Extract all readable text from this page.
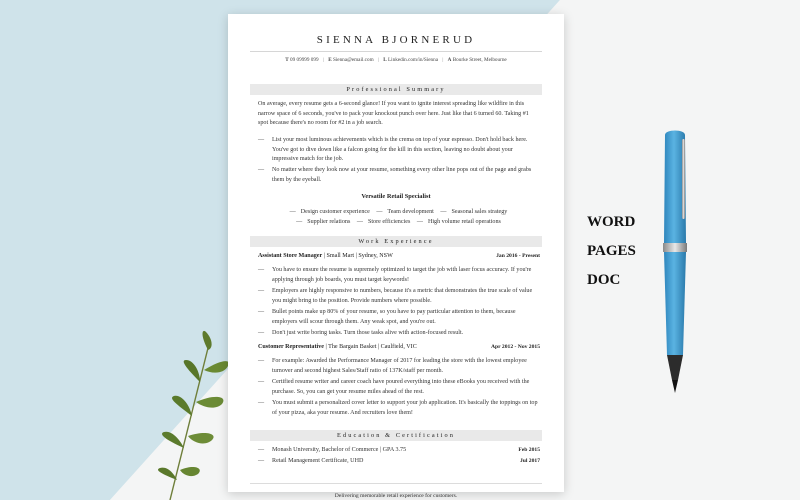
WORD
PAGES
DOC
SIENNA BJORNERUD
T 09 09999 099 | E Sienna@email.com | L Linkedin.com/in/Sienna | A Bourke Street, Melbourne
Professional Summary
On average, every resume gets a 6-second glance! If you want to ignite interest spreading like wildfire in this narrow space of 6 seconds, you've to pack your knockout punch over here. Just like that 6 turned 60. Taking #1 spot because there's no room for #2 in a job search.
— List your most luminous achievements which is the crema on top of your espresso. Don't hold back here. You've got to dive down like a falcon going for the kill in this section, leaving no doubt about your impressive match for the job.
— No matter where they look now at your resume, something every other line pops out of the page and grabs them by the eyeball.
Versatile Retail Specialist
— Design customer experience — Team development — Seasonal sales strategy
— Supplier relations — Store efficiencies — High volume retail operations
Work Experience
Assistant Store Manager | Small Mart | Sydney, NSW	Jan 2016 - Present
— You have to ensure the resume is supremely optimized to target the job with laser focus accuracy. If you're applying through job boards, you must target keywords!
— Employers are highly responsive to numbers, because it's a metric that demonstrates the true scale of value you might bring to the position. Provide numbers where possible.
— Bullet points make up 80% of your resume, so you have to pay particular attention to them, because employers will scour through them. Any weak spot, and you're out.
— Don't just write boring tasks. Turn those tasks alive with action-focused result.
Customer Representative | The Bargain Basket | Caulfield, VIC	Apr 2012 - Nov 2015
— For example: Awarded the Performance Manager of 2017 for leading the store with the lowest employee turnover and second highest Sales/Staff ratio of 137K/staff per month.
— Certified resume writer and career coach have poured everything into these eBooks you received with the purchase. So, you can get your resume miles ahead of the rest.
— You must submit a personalized cover letter to support your job application. It's basically the toppings on top of your pizza, aka your resume. And recruiters love them!
Education & Certification
— Monash University, Bachelor of Commerce | GPA 3.75	Feb 2015
— Retail Management Certificate, UHD	Jul 2017
Delivering memorable retail experience for customers.
